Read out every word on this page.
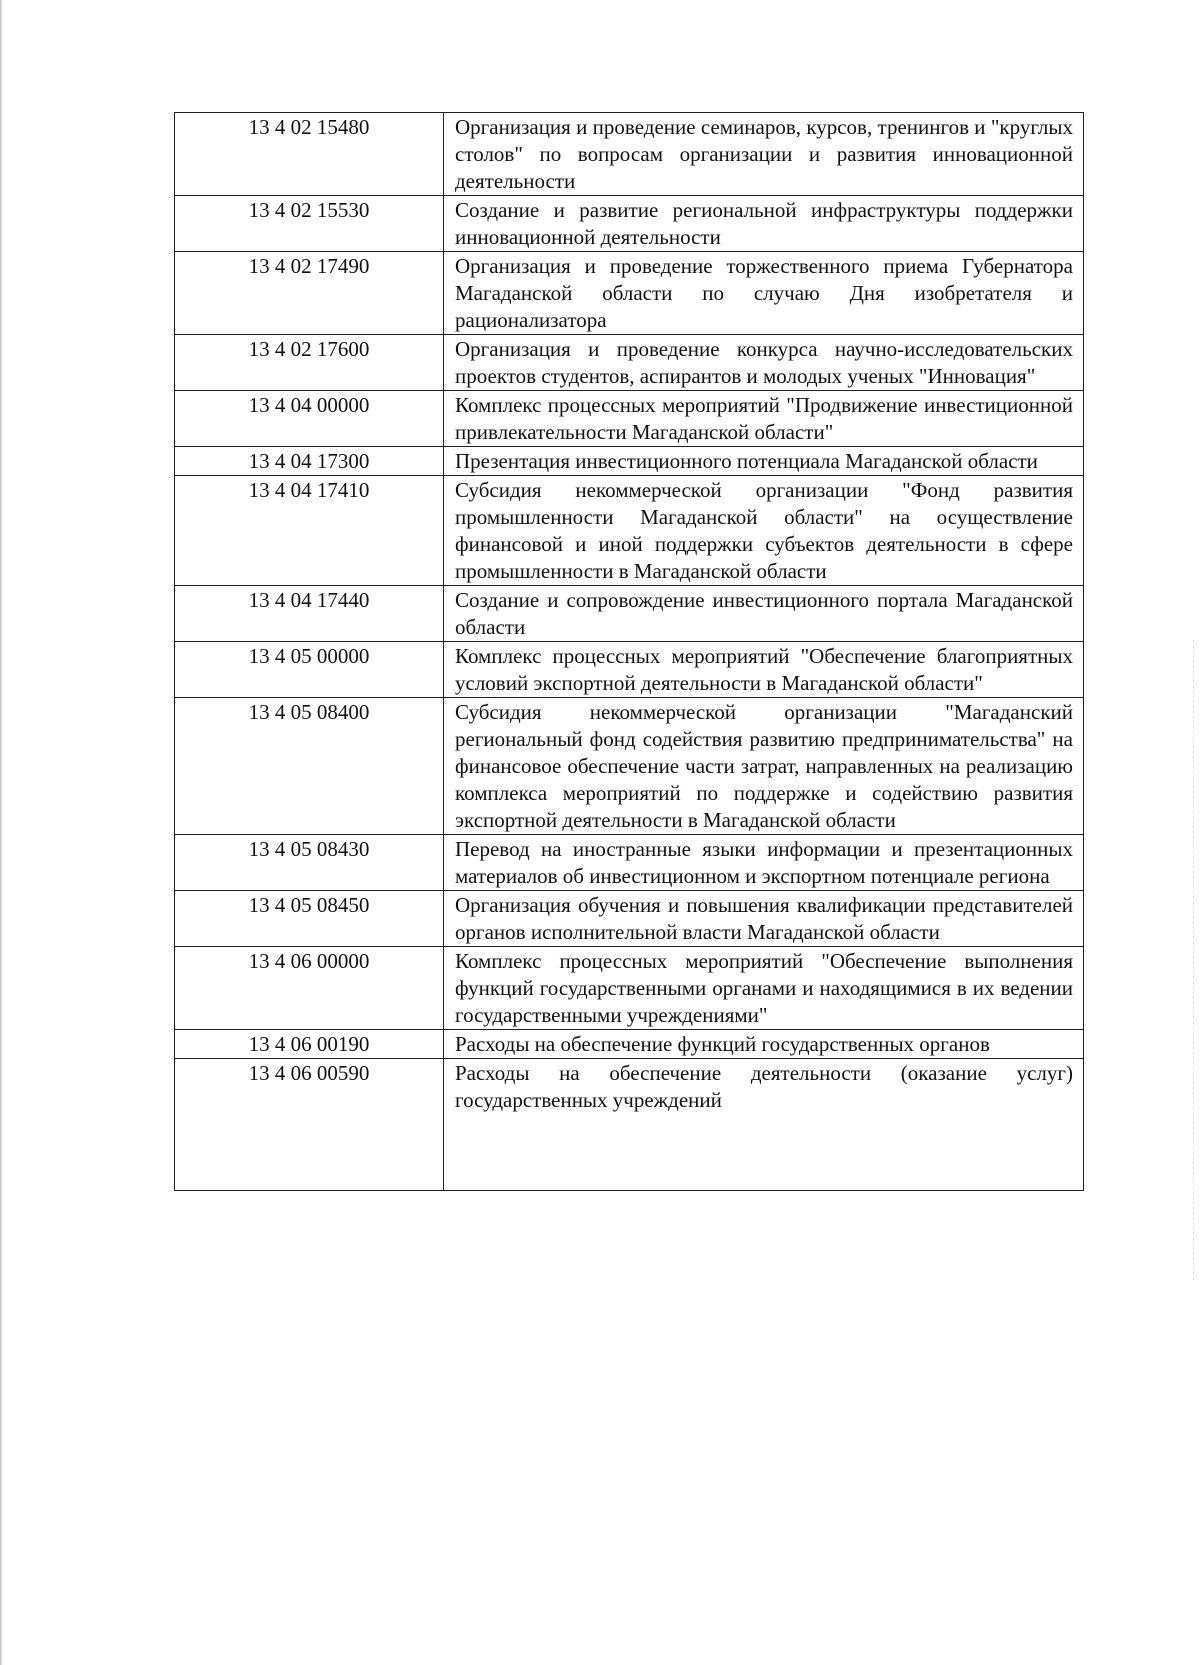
13 4 02 15480	Организация и проведение семинаров, курсов, тренингов и "круглых столов" по вопросам организации и развития инновационной деятельности
13 4 02 15530	Создание и развитие региональной инфраструктуры поддержки инновационной деятельности
13 4 02 17490	Организация и проведение торжественного приема Губернатора Магаданской области по случаю Дня изобретателя и рационализатора
13 4 02 17600	Организация и проведение конкурса научно-исследовательских проектов студентов, аспирантов и молодых ученых "Инновация"
13 4 04 00000	Комплекс процессных мероприятий "Продвижение инвестиционной привлекательности Магаданской области"
13 4 04 17300	Презентация инвестиционного потенциала Магаданской области
13 4 04 17410	Субсидия некоммерческой организации "Фонд развития промышленности Магаданской области" на осуществление финансовой и иной поддержки субъектов деятельности в сфере промышленности в Магаданской области
13 4 04 17440	Создание и сопровождение инвестиционного портала Магаданской области
13 4 05 00000	Комплекс процессных мероприятий "Обеспечение благоприятных условий экспортной деятельности в Магаданской области"
13 4 05 08400	Субсидия некоммерческой организации "Магаданский региональный фонд содействия развитию предпринимательства" на финансовое обеспечение части затрат, направленных на реализацию комплекса мероприятий по поддержке и содействию развития экспортной деятельности в Магаданской области
13 4 05 08430	Перевод на иностранные языки информации и презентационных материалов об инвестиционном и экспортном потенциале региона
13 4 05 08450	Организация обучения и повышения квалификации представителей органов исполнительной власти Магаданской области
13 4 06 00000	Комплекс процессных мероприятий "Обеспечение выполнения функций государственными органами и находящимися в их ведении государственными учреждениями"
13 4 06 00190	Расходы на обеспечение функций государственных органов
13 4 06 00590	Расходы на обеспечение деятельности (оказание услуг) государственных учреждений
